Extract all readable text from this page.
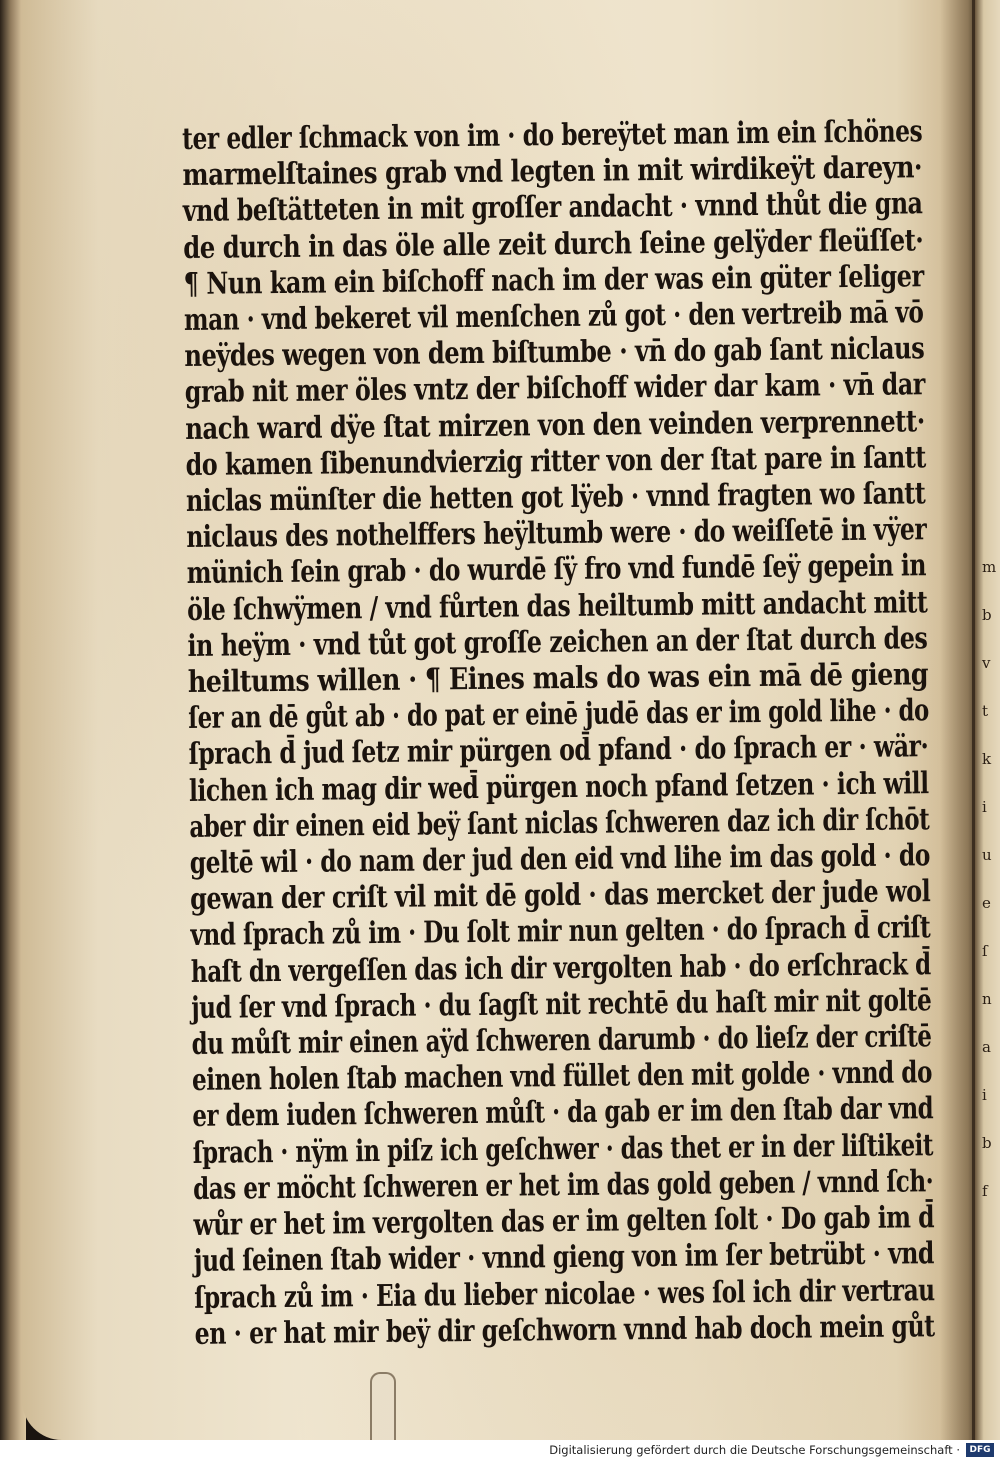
ter edler ſchmack von im · do bereÿtet man im ein ſchönes
marmelſtaines grab vnd legten in mit wirdikeÿt dareyn·
vnd beſtätteten in mit groſſer andacht · vnnd thůt die gna
de durch in das öle alle zeit durch ſeine gelÿder fleüſſet·
¶ Nun kam ein biſchoff nach im der was ein güter ſeliger
man · vnd bekeret vil menſchen zů got · den vertreib mā vō
neÿdes wegen von dem biſtumbe · vn̄ do gab ſant niclaus
grab nit mer öles vntz der biſchoff wider dar kam · vn̄ dar
nach ward dÿe ſtat mirzen von den veinden verprennett·
do kamen ſibenundvierzig ritter von der ſtat pare in ſantt
niclas münſter die hetten got lÿeb · vnnd fragten wo ſantt
niclaus des nothelffers heÿltumb were · do weiſſetē in vÿer
münich ſein grab · do wurdē ſÿ fro vnd fundē ſeÿ gepein in
öle ſchwÿmen / vnd fůrten das heiltumb mitt andacht mitt
in heÿm · vnd tůt got groſſe zeichen an der ſtat durch des
heiltums willen · ¶ Eines mals do was ein mā dē gieng
ſer an dē gůt ab · do pat er einē judē das er im gold lihe · do
ſprach d̄ jud ſetz mir pürgen od̄ pfand · do ſprach er · wär·
lichen ich mag dir wed̄ pürgen noch pfand ſetzen · ich will
aber dir einen eid beÿ ſant niclas ſchweren daz ich dir ſchōt
geltē wil · do nam der jud den eid vnd lihe im das gold · do
gewan der criſt vil mit dē gold · das mercket der jude wol
vnd ſprach zů im · Du ſolt mir nun gelten · do ſprach d̄ criſt
haſt dn vergeſſen das ich dir vergolten hab · do erſchrack d̄
jud ſer vnd ſprach · du ſagſt nit rechtē du haſt mir nit goltē
du můſt mir einen aÿd ſchweren darumb · do lieſz der criſtē
einen holen ſtab machen vnd füllet den mit golde · vnnd do
er dem iuden ſchweren můſt · da gab er im den ſtab dar vnd
ſprach · nÿm in piſz ich geſchwer · das thet er in der liſtikeit
das er möcht ſchweren er het im das gold geben / vnnd ſch·
wůr er het im vergolten das er im gelten ſolt · Do gab im d̄
jud ſeinen ſtab wider · vnnd gieng von im ſer betrübt · vnd
ſprach zů im · Eia du lieber nicolae · wes ſol ich dir vertrau
en · er hat mir beÿ dir geſchworn vnnd hab doch mein gůt
m
b
v
t
k
i
u
e
ſ
n
a
i
b
f
Digitalisierung gefördert durch die Deutsche Forschungsgemeinschaft ·	DFG
